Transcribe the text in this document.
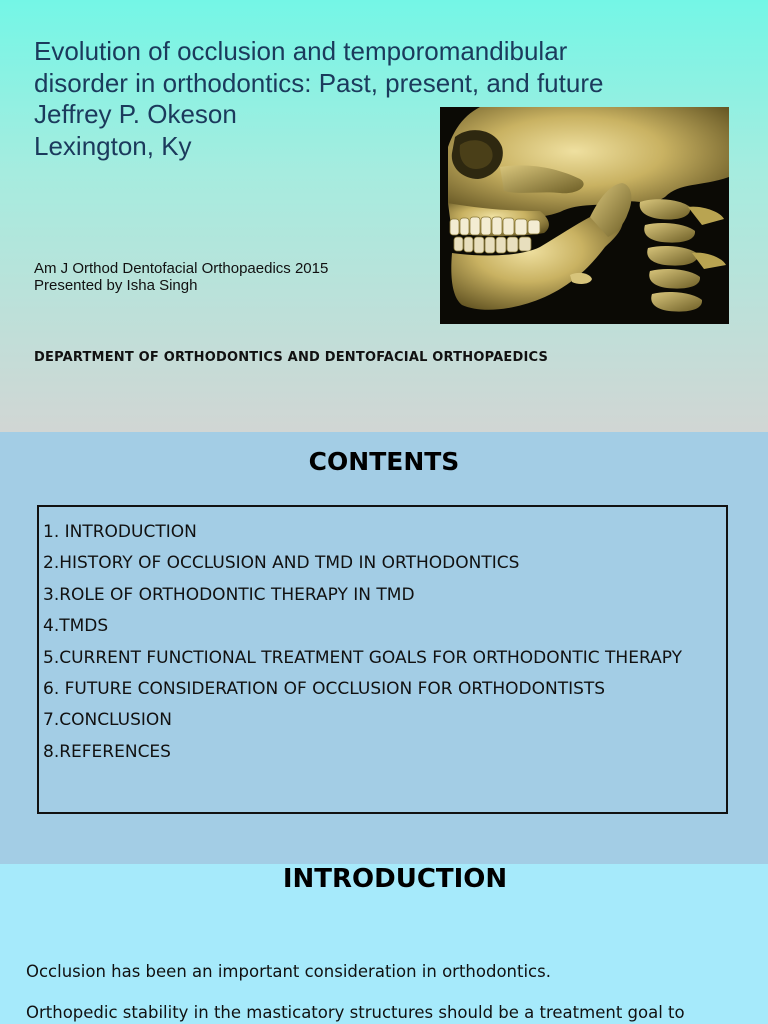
Evolution of occlusion and temporomandibular
disorder in orthodontics: Past, present, and future
Jeffrey P. Okeson
Lexington, Ky
Am J Orthod Dentofacial Orthopaedics 2015
Presented by Isha Singh
DEPARTMENT OF ORTHODONTICS AND DENTOFACIAL ORTHOPAEDICS
CONTENTS
1. INTRODUCTION
2.HISTORY OF OCCLUSION AND TMD IN ORTHODONTICS
3.ROLE OF ORTHODONTIC THERAPY IN TMD
4.TMDS
5.CURRENT FUNCTIONAL TREATMENT GOALS FOR ORTHODONTIC THERAPY
6. FUTURE CONSIDERATION OF OCCLUSION FOR ORTHODONTISTS
7.CONCLUSION
8.REFERENCES
INTRODUCTION

Occlusion has been an important consideration in orthodontics.

Orthopedic stability in the masticatory structures should be a treatment goal to
